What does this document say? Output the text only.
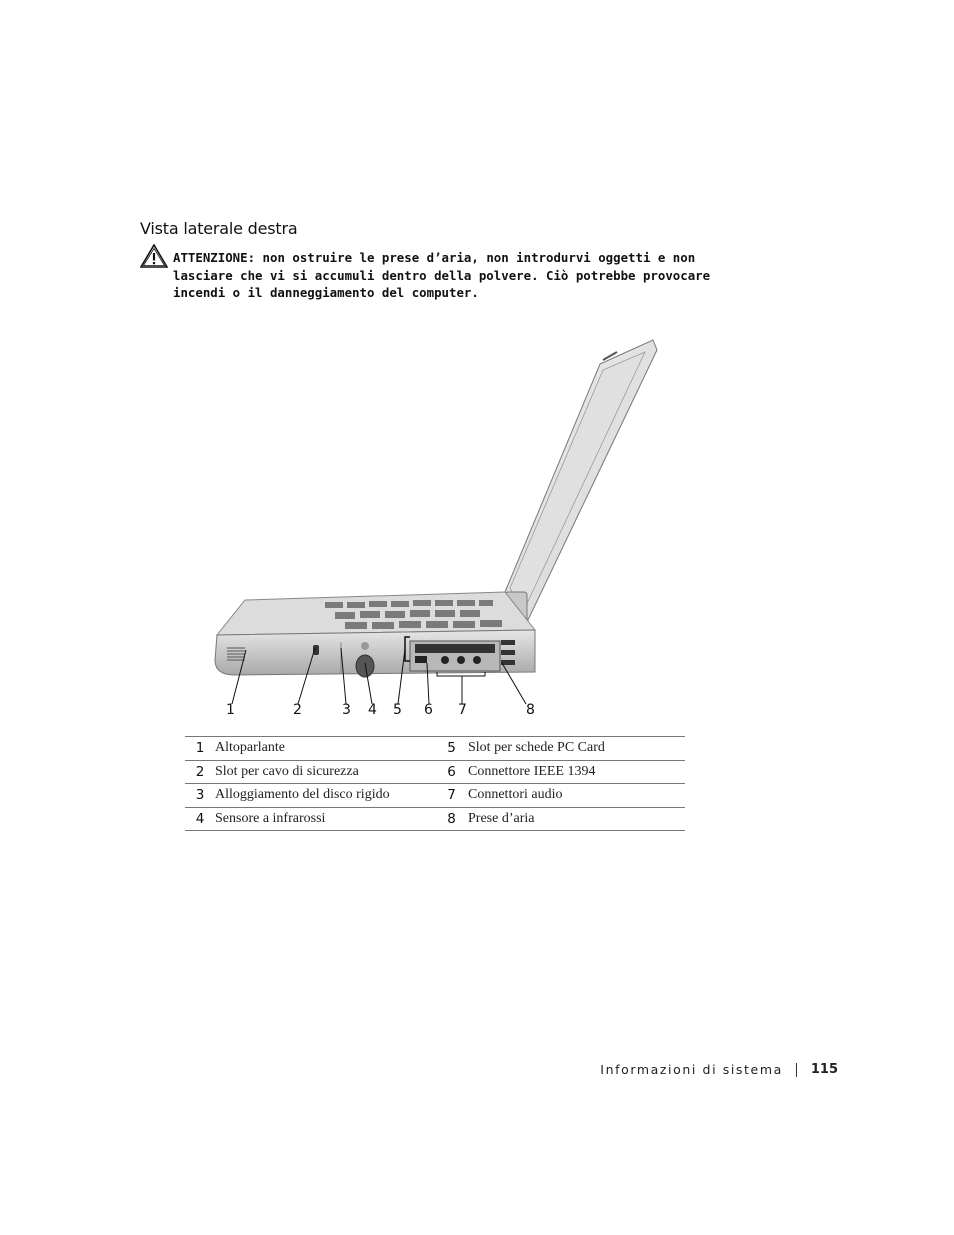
Vista laterale destra
ATTENZIONE: non ostruire le prese d’aria, non introdurvi oggetti e non lasciare che vi si accumuli dentro della polvere. Ciò potrebbe provocare incendi o il danneggiamento del computer.
1	2	3 4 5 6 7	8
1	Altoparlante	5	Slot per schede PC Card
2	Slot per cavo di sicurezza	6	Connettore IEEE 1394
3	Alloggiamento del disco rigido	7	Connettori audio
4	Sensore a infrarossi	8	Prese d’aria
Informazioni di sistema 115
